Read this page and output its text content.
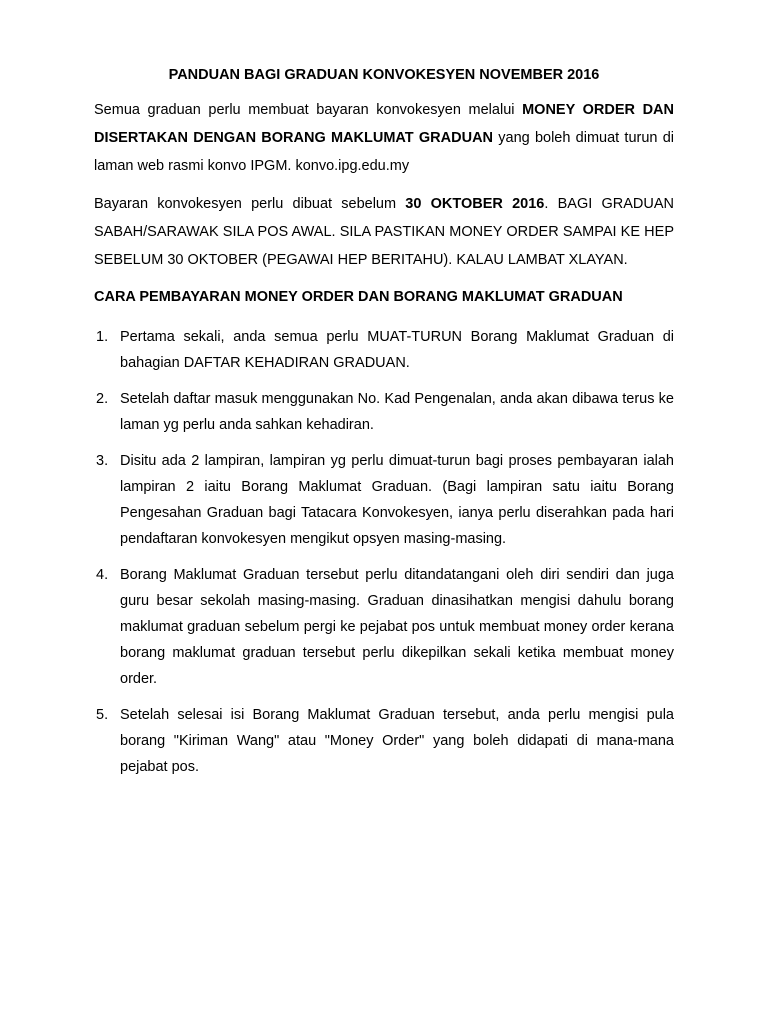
PANDUAN BAGI GRADUAN KONVOKESYEN NOVEMBER 2016

Semua graduan perlu membuat bayaran konvokesyen melalui MONEY ORDER DAN DISERTAKAN DENGAN BORANG MAKLUMAT GRADUAN yang boleh dimuat turun di laman web rasmi konvo IPGM. konvo.ipg.edu.my

Bayaran konvokesyen perlu dibuat sebelum 30 OKTOBER 2016. BAGI GRADUAN SABAH/SARAWAK SILA POS AWAL. SILA PASTIKAN MONEY ORDER SAMPAI KE HEP SEBELUM 30 OKTOBER (PEGAWAI HEP BERITAHU). KALAU LAMBAT XLAYAN.

CARA PEMBAYARAN MONEY ORDER DAN BORANG MAKLUMAT GRADUAN
1. Pertama sekali, anda semua perlu MUAT-TURUN Borang Maklumat Graduan di bahagian DAFTAR KEHADIRAN GRADUAN.
2. Setelah daftar masuk menggunakan No. Kad Pengenalan, anda akan dibawa terus ke laman yg perlu anda sahkan kehadiran.
3. Disitu ada 2 lampiran, lampiran yg perlu dimuat-turun bagi proses pembayaran ialah lampiran 2 iaitu Borang Maklumat Graduan. (Bagi lampiran satu iaitu Borang Pengesahan Graduan bagi Tatacara Konvokesyen, ianya perlu diserahkan pada hari pendaftaran konvokesyen mengikut opsyen masing-masing.
4. Borang Maklumat Graduan tersebut perlu ditandatangani oleh diri sendiri dan juga guru besar sekolah masing-masing. Graduan dinasihatkan mengisi dahulu borang maklumat graduan sebelum pergi ke pejabat pos untuk membuat money order kerana borang maklumat graduan tersebut perlu dikepilkan sekali ketika membuat money order.
5. Setelah selesai isi Borang Maklumat Graduan tersebut, anda perlu mengisi pula borang "Kiriman Wang" atau "Money Order" yang boleh didapati di mana-mana pejabat pos.
